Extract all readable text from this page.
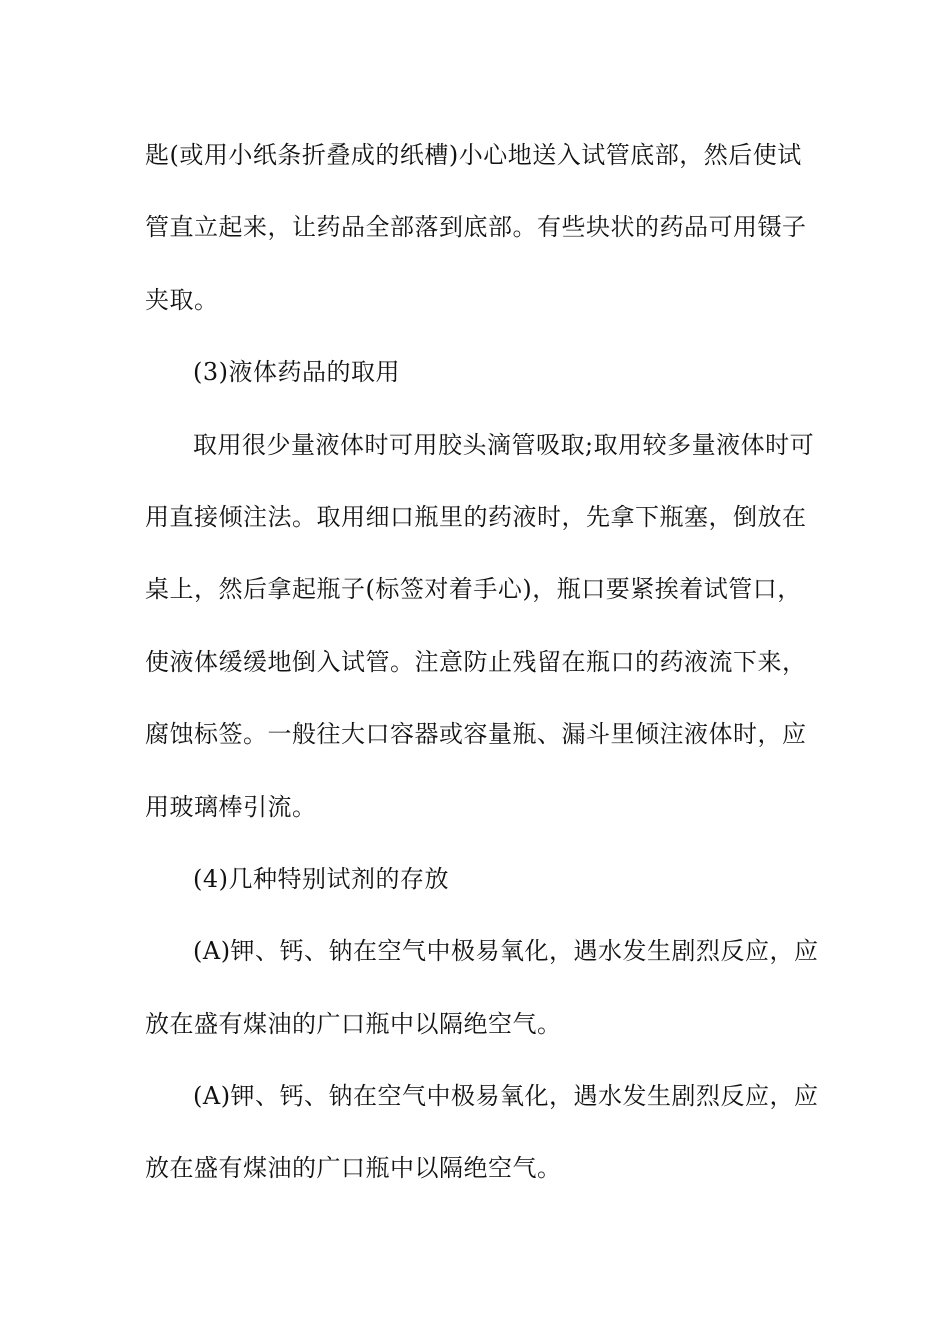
匙(或用小纸条折叠成的纸槽)小心地送入试管底部，然后使试
管直立起来，让药品全部落到底部。有些块状的药品可用镊子
夹取。
(3)液体药品的取用
取用很少量液体时可用胶头滴管吸取;取用较多量液体时可
用直接倾注法。取用细口瓶里的药液时，先拿下瓶塞，倒放在
桌上，然后拿起瓶子(标签对着手心)，瓶口要紧挨着试管口，
使液体缓缓地倒入试管。注意防止残留在瓶口的药液流下来，
腐蚀标签。一般往大口容器或容量瓶、漏斗里倾注液体时，应
用玻璃棒引流。
(4)几种特别试剂的存放
(A)钾、钙、钠在空气中极易氧化，遇水发生剧烈反应，应
放在盛有煤油的广口瓶中以隔绝空气。
(A)钾、钙、钠在空气中极易氧化，遇水发生剧烈反应，应
放在盛有煤油的广口瓶中以隔绝空气。
